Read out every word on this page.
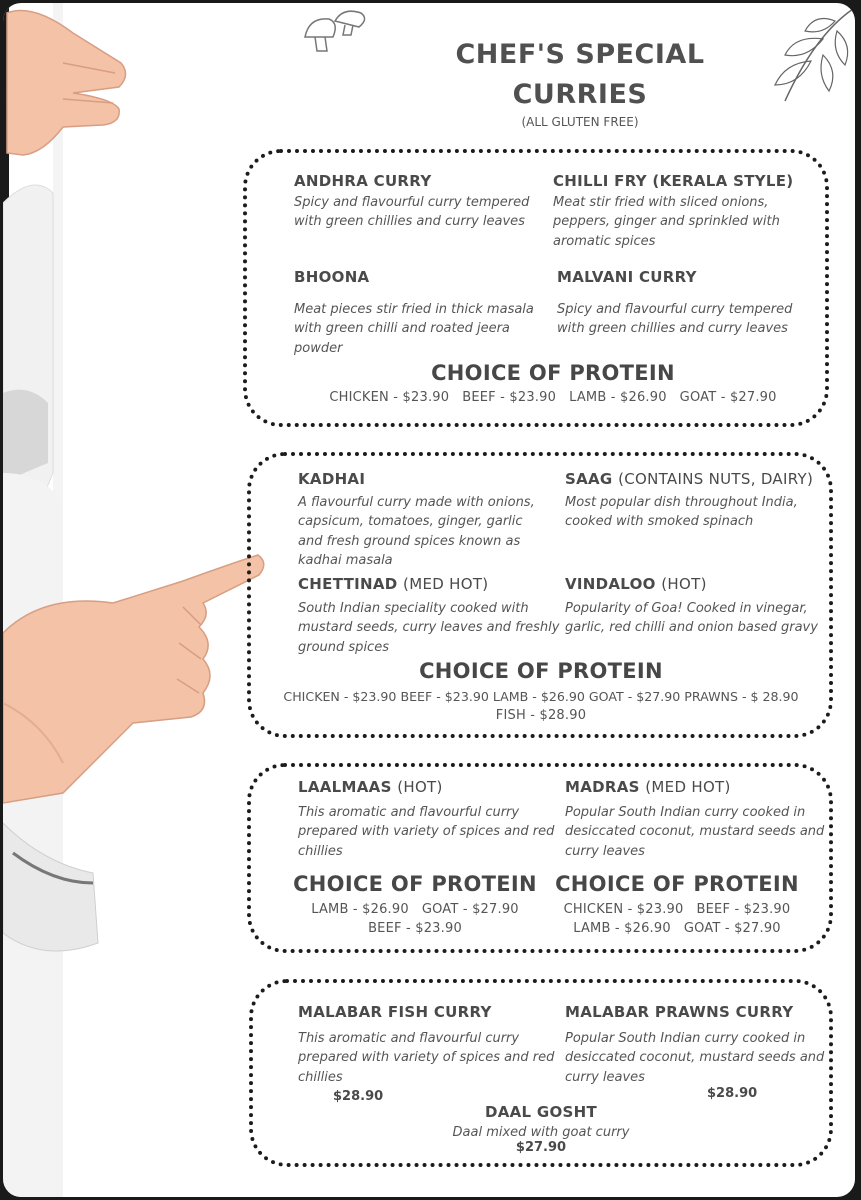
CHEF'S SPECIAL
CURRIES
(ALL GLUTEN FREE)
ANDHRA CURRY
Spicy and flavourful curry tempered with green chillies and curry leaves
CHILLI FRY (KERALA STYLE)
Meat stir fried with sliced onions, peppers, ginger and sprinkled with aromatic spices
BHOONA
Meat pieces stir fried in thick masala with green chilli and roated jeera powder
MALVANI CURRY
Spicy and flavourful curry tempered with green chillies and curry leaves
CHOICE OF PROTEIN
CHICKEN - $23.90   BEEF - $23.90   LAMB - $26.90   GOAT - $27.90
KADHAI
A flavourful curry made with onions, capsicum, tomatoes, ginger, garlic and fresh ground spices known as kadhai masala
SAAG (CONTAINS NUTS, DAIRY)
Most popular dish throughout India, cooked with smoked spinach
CHETTINAD (MED HOT)
South Indian speciality cooked with mustard seeds, curry leaves and freshly ground spices
VINDALOO (HOT)
Popularity of Goa! Cooked in vinegar, garlic, red chilli and onion based gravy
CHOICE OF PROTEIN
CHICKEN - $23.90 BEEF - $23.90 LAMB - $26.90 GOAT - $27.90 PRAWNS - $ 28.90
FISH - $28.90
LAALMAAS (HOT)
This aromatic and flavourful curry prepared with variety of spices and red chillies
MADRAS (MED HOT)
Popular South Indian curry cooked in desiccated coconut, mustard seeds and curry leaves
CHOICE OF PROTEIN CHOICE OF PROTEIN
LAMB - $26.90   GOAT - $27.90
BEEF - $23.90
CHICKEN - $23.90   BEEF - $23.90
LAMB - $26.90   GOAT - $27.90
MALABAR FISH CURRY
This aromatic and flavourful curry prepared with variety of spices and red chillies
$28.90
MALABAR PRAWNS CURRY
Popular South Indian curry cooked in desiccated coconut, mustard seeds and curry leaves
$28.90
DAAL GOSHT
Daal mixed with goat curry
$27.90
